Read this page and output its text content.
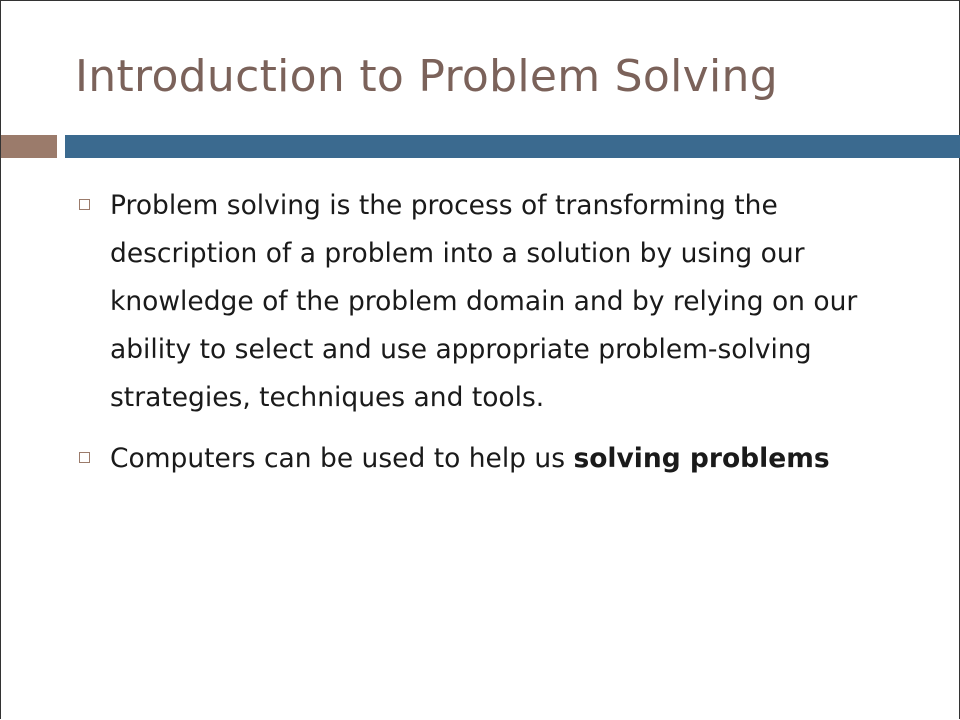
Introduction to Problem Solving
Problem solving is the process of transforming the description of a problem into a solution by using our knowledge of the problem domain and by relying on our ability to select and use appropriate problem-solving strategies, techniques and tools.
Computers can be used to help us solving problems
